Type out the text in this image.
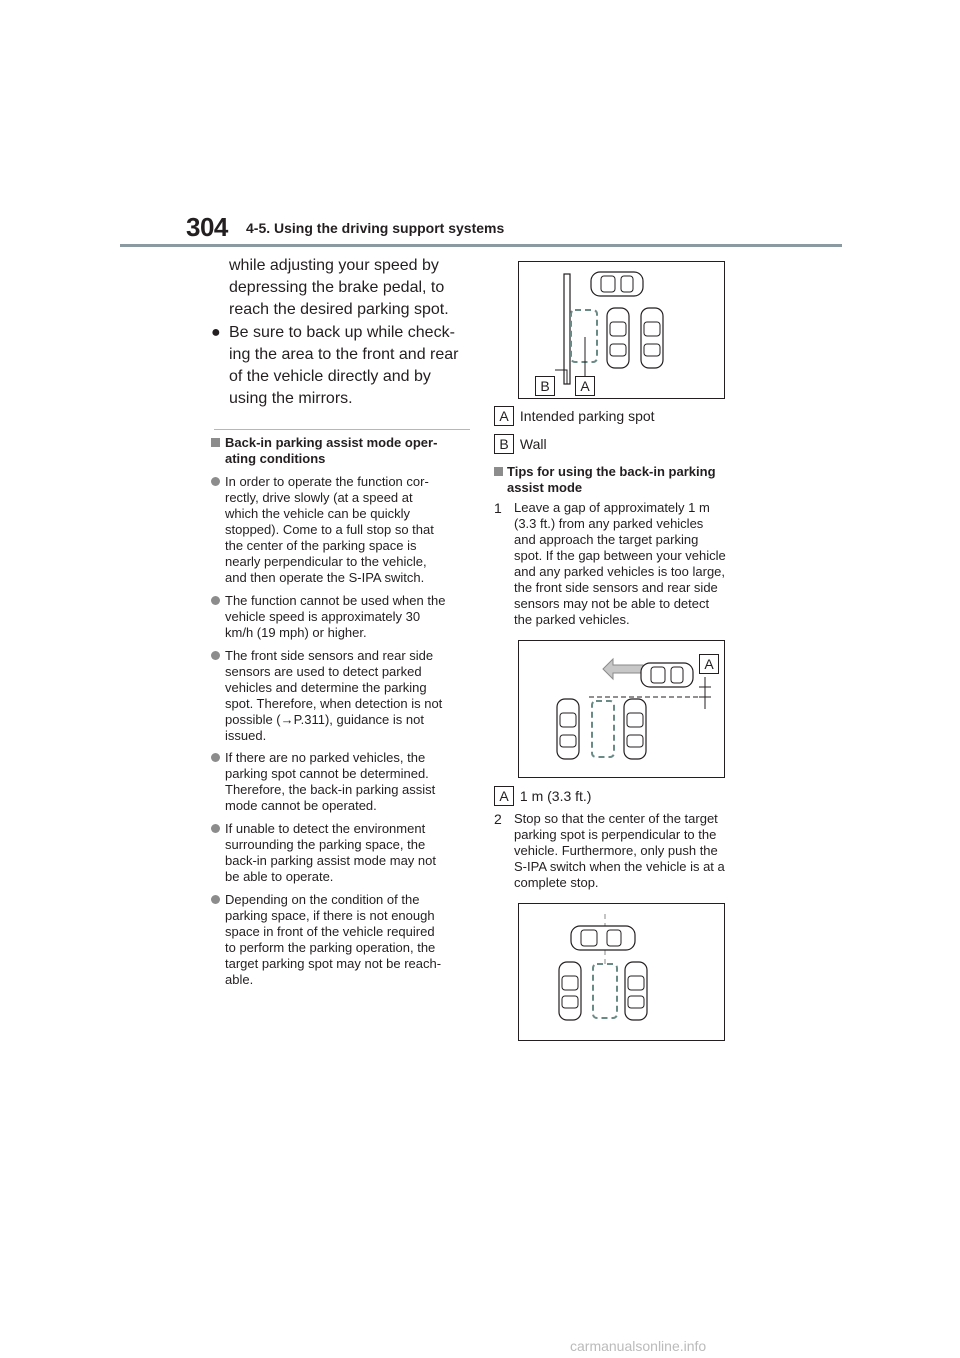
304 4-5. Using the driving support systems
while adjusting your speed by
depressing the brake pedal, to
reach the desired parking spot.
● Be sure to back up while check-
ing the area to the front and rear
of the vehicle directly and by
using the mirrors.
Back-in parking assist mode oper-
ating conditions
In order to operate the function cor-
rectly, drive slowly (at a speed at
which the vehicle can be quickly
stopped). Come to a full stop so that
the center of the parking space is
nearly perpendicular to the vehicle,
and then operate the S-IPA switch.
The function cannot be used when the
vehicle speed is approximately 30
km/h (19 mph) or higher.
The front side sensors and rear side
sensors are used to detect parked
vehicles and determine the parking
spot. Therefore, when detection is not
possible (→P.311), guidance is not
issued.
If there are no parked vehicles, the
parking spot cannot be determined.
Therefore, the back-in parking assist
mode cannot be operated.
If unable to detect the environment
surrounding the parking space, the
back-in parking assist mode may not
be able to operate.
Depending on the condition of the
parking space, if there is not enough
space in front of the vehicle required
to perform the parking operation, the
target parking spot may not be reach-
able.
B	A
A Intended parking spot
B Wall
Tips for using the back-in parking
assist mode
1 Leave a gap of approximately 1 m
(3.3 ft.) from any parked vehicles
and approach the target parking
spot. If the gap between your vehicle
and any parked vehicles is too large,
the front side sensors and rear side
sensors may not be able to detect
the parked vehicles.
A
A 1 m (3.3 ft.)
2 Stop so that the center of the target
parking spot is perpendicular to the
vehicle. Furthermore, only push the
S-IPA switch when the vehicle is at a
complete stop.
carmanualsonline.info
